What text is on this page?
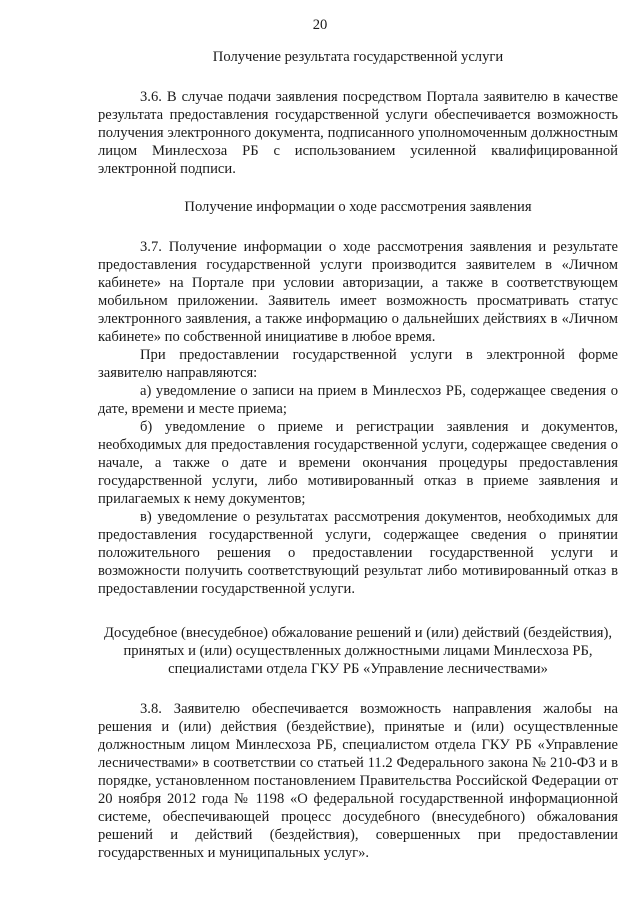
20

Получение результата государственной услуги

3.6. В случае подачи заявления посредством Портала заявителю в качестве результата предоставления государственной услуги обеспечивается возможность получения электронного документа, подписанного уполномоченным должностным лицом Минлесхоза РБ с использованием усиленной квалифицированной электронной подписи.

Получение информации о ходе рассмотрения заявления

3.7. Получение информации о ходе рассмотрения заявления и результате предоставления государственной услуги производится заявителем в «Личном кабинете» на Портале при условии авторизации, а также в соответствующем мобильном приложении. Заявитель имеет возможность просматривать статус электронного заявления, а также информацию о дальнейших действиях в «Личном кабинете» по собственной инициативе в любое время.

При предоставлении государственной услуги в электронной форме заявителю направляются:

а) уведомление о записи на прием в Минлесхоз РБ, содержащее сведения о дате, времени и месте приема;

б) уведомление о приеме и регистрации заявления и документов, необходимых для предоставления государственной услуги, содержащее сведения о начале, а также о дате и времени окончания процедуры предоставления государственной услуги, либо мотивированный отказ в приеме заявления и прилагаемых к нему документов;

в) уведомление о результатах рассмотрения документов, необходимых для предоставления государственной услуги, содержащее сведения о принятии положительного решения о предоставлении государственной услуги и возможности получить соответствующий результат либо мотивированный отказ в предоставлении государственной услуги.

Досудебное (внесудебное) обжалование решений и (или) действий (бездействия), принятых и (или) осуществленных должностными лицами Минлесхоза РБ, специалистами отдела ГКУ РБ «Управление лесничествами»

3.8. Заявителю обеспечивается возможность направления жалобы на решения и (или) действия (бездействие), принятые и (или) осуществленные должностным лицом Минлесхоза РБ, специалистом отдела ГКУ РБ «Управление лесничествами» в соответствии со статьей 11.2 Федерального закона № 210-ФЗ и в порядке, установленном постановлением Правительства Российской Федерации от 20 ноября 2012 года № 1198 «О федеральной государственной информационной системе, обеспечивающей процесс досудебного (внесудебного) обжалования решений и действий (бездействия), совершенных при предоставлении государственных и муниципальных услуг».
